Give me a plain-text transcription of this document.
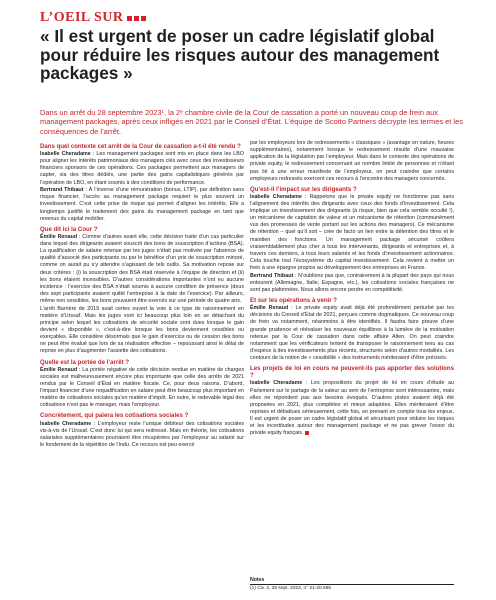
L’OEIL SUR
« Il est urgent de poser un cadre législatif global pour réduire les risques autour des management packages »

Dans un arrêt du 28 septembre 2023¹, la 2ᵉ chambre civile de la Cour de cassation a porté un nouveau coup de frein aux management packages, après ceux infligés en 2021 par le Conseil d’État. L’équipe de Scotto Partners décrypte les termes et les conséquences de l’arrêt.

Dans quel contexte cet arrêt de la Cour de cassation a-t-il été rendu ?

Isabelle Cheradame : Les management packages sont mis en place dans les LBO pour aligner les intérêts patrimoniaux des managers clés avec ceux des investisseurs financiers sponsors de ces opérations. Ces packages permettent aux managers de capter, via des titres dédiés, une partie des gains capitalistiques générés par l’opération de LBO, en étant soumis à des conditions de performance.

Bertrand Thibaut : À l’inverse d’une rémunération (bonus, LTIP), par définition sans risque financier, l’accès au management package requiert le plus souvent un investissement. C’est cette prise de risque qui permet d’aligner les intérêts. Elle a longtemps justifié le traitement des gains du management package en tant que revenus du capital mobilier.

Que dit ici la Cour ?

Émilie Renaud : Comme d’autres avant elle, cette décision traite d’un cas particulier dans lequel des dirigeants avaient souscrit des bons de souscription d’actions (BSA). La qualification de salaire retenue par les juges n’était pas motivée par l’absence de qualité d’associé des participants ou par le bénéfice d’un prix de souscription minoré, comme on aurait pu s’y attendre s’agissant de tels outils. Sa motivation repose sur deux critères : (i) la souscription des BSA était réservée à l’équipe de direction et (ii) les bons étaient incessibles. D’autres considérations importantes n’ont eu aucune incidence : l’exercice des BSA n’était soumis à aucune condition de présence (deux des sept participants avaient quitté l’entreprise à la date de l’exercice). Par ailleurs, même non cessibles, les bons pouvaient être exercés sur une période de quatre ans.

L’arrêt Barrière de 2019 avait certes ouvert la voie à ce type de raisonnement en matière d’Urssaf. Mais les juges vont ici beaucoup plus loin en se détachant du principe selon lequel les cotisations de sécurité sociale sont dues lorsque le gain devient « disponible », c’est-à-dire lorsque les bons deviennent cessibles ou exerçables. Elle considère désormais que le gain d’exercice ou de cession des bons ne peut être évalué que lors de sa réalisation effective – repoussant ainsi le délai de reprise en plus d’augmenter l’assiette des cotisations.

Quelle est la portée de l’arrêt ?

Émilie Renaud : La portée négative de cette décision rendue en matière de charges sociales est malheureusement encore plus importante que celle des arrêts de 2021 rendus par le Conseil d’État en matière fiscale. Ce, pour deux raisons. D’abord, l’impact financier d’une requalification en salaire peut être beaucoup plus important en matière de cotisations sociales qu’en matière d’impôt. En outre, le redevable légal des cotisations n’est pas le manager, mais l’employeur.

Concrètement, qui paiera les cotisations sociales ?

Isabelle Cheradame : L’employeur reste l’unique débiteur des cotisations sociales vis-à-vis de l’Urssaf. C’est donc lui qui sera redressé. Mais en théorie, les cotisations salariales supplémentaires pourraient être récupérées par l’employeur au salarié sur le fondement de la répétition de l’indu. Ce recours est peu exercé

par les employeurs lors de redressements « classiques » (avantage en nature, heures supplémentaires), notamment lorsque le redressement résulte d’une mauvaise application de la législation par l’employeur. Mais dans le contexte des opérations de private equity, le redressement concernant un nombre limité de personnes et n’étant pas lié à une erreur manifeste de l’employeur, on peut craindre que certains employeurs redressés exercent ces recours à l’encontre des managers concernés.

Qu’est-il l’impact sur les dirigeants ?

Isabelle Cheradame : Rappelons que le private equity ne fonctionne pas sans l’alignement des intérêts des dirigeants avec ceux des fonds d’investissement. Cela implique un investissement des dirigeants (à risque, bien que cela semble occulté !), un mécanisme de captation de valeur et un mécanisme de rétention (communément vus des promesses de vente portant sur les actions des managers). Ce mécanisme de rétention – quel qu’il soit – crée de facto un lien entre la détention des titres et le maintien des fonctions. Un management package sécurisé coûtera vraisemblablement plus cher à tous les intervenants, dirigeants et entreprises et, à travers ces derniers, à tous leurs salariés et les fonds d’investissement actionnaires. Cela touche tout l’écosystème du capital investissement. Cela revient à mettre un frein à une épargne propice au développement des entreprises en France.

Bertrand Thibaut : N’oublions pas que, contrairement à la plupart des pays qui nous entourent (Allemagne, Italie, Espagne, etc.), les cotisations sociales françaises ne sont pas plafonnées. Nous allons encore perdre en compétitivité.

Et sur les opérations à venir ?

Émilie Renaud : Le private equity avait déjà été profondément perturbé par les décisions du Conseil d’État de 2021, perçues comme dogmatiques. Ce nouveau coup de frein va notamment, néanmoins à être identifiés. Il faudra faire preuve d’une grande prudence et réévaluer les nouveaux équilibres à la lumière de la motivation retenue par la Cour de cassation dans cette affaire Alten. On peut craindre notamment que les vérificateurs tentent de transposer le raisonnement tenu au cas d’espèce à des investissements plus récents, structurés selon d’autres modalités. Les contours de la notion de « cessibilité » des instruments mériteraient d’être précisés.

Les projets de loi en cours ne peuvent-ils pas apporter des solutions ?

Isabelle Cheradame : Les propositions du projet de loi en cours d’étude au Parlement sur le partage de la valeur au sein de l’entreprise sont intéressantes, mais elles ne répondent pas aux besoins évoqués. D’autres pistes avaient déjà été proposées en 2021, plus complètes et mieux adaptées. Elles mériteraient d’être reprises et débattues sérieusement, cette fois, en prenant en compte tous les enjeux. Il est urgent de poser un cadre législatif global et sécurisant pour réduire les risques et les incertitudes autour des management package et ne pas grever l’essor du private equity français.

Notes
(1) Civ. 2, 28 sept. 2023, n° 21-20.685
